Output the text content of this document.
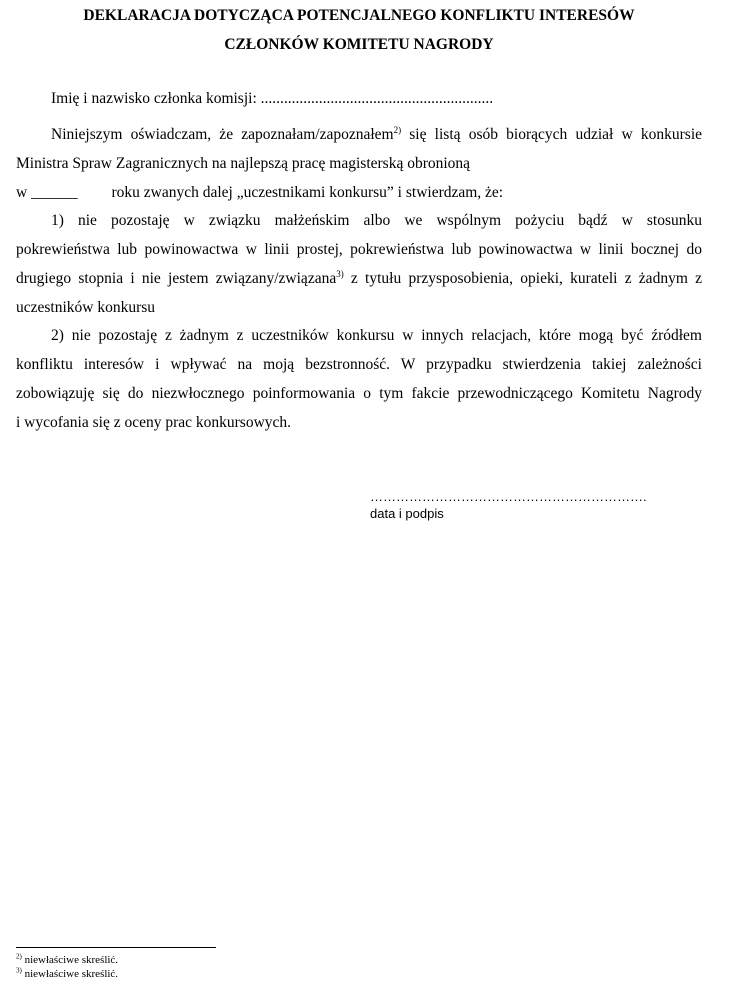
DEKLARACJA DOTYCZĄCA POTENCJALNEGO KONFLIKTU INTERESÓW
CZŁONKÓW KOMITETU NAGRODY
Imię i nazwisko członka komisji: ............................................................
Niniejszym oświadczam, że zapoznałam/zapoznałem$^{2)}$ się listą osób biorących udział w konkursie
Ministra Spraw Zagranicznych na najlepszą pracę magisterską obronioną
w ______ roku zwanych dalej „uczestnikami konkursu” i stwierdzam, że:
1) nie pozostaję w związku małżeńskim albo we wspólnym pożyciu bądź w stosunku
pokrewieństwa lub powinowactwa w linii prostej, pokrewieństwa lub powinowactwa w linii bocznej do
drugiego stopnia i nie jestem związany/związana$^{3)}$ z tytułu przysposobienia, opieki, kurateli z żadnym z
uczestników konkursu
2) nie pozostaję z żadnym z uczestników konkursu w innych relacjach, które mogą być źródłem
konfliktu interesów i wpływać na moją bezstronność. W przypadku stwierdzenia takiej zależności
zobowiązuję się do niezwłocznego poinformowania o tym fakcie przewodniczącego Komitetu Nagrody
i wycofania się z oceny prac konkursowych.
……………………………………………………….
data i podpis
$^{2)}$ niewłaściwe skreślić.
$^{3)}$ niewłaściwe skreślić.
